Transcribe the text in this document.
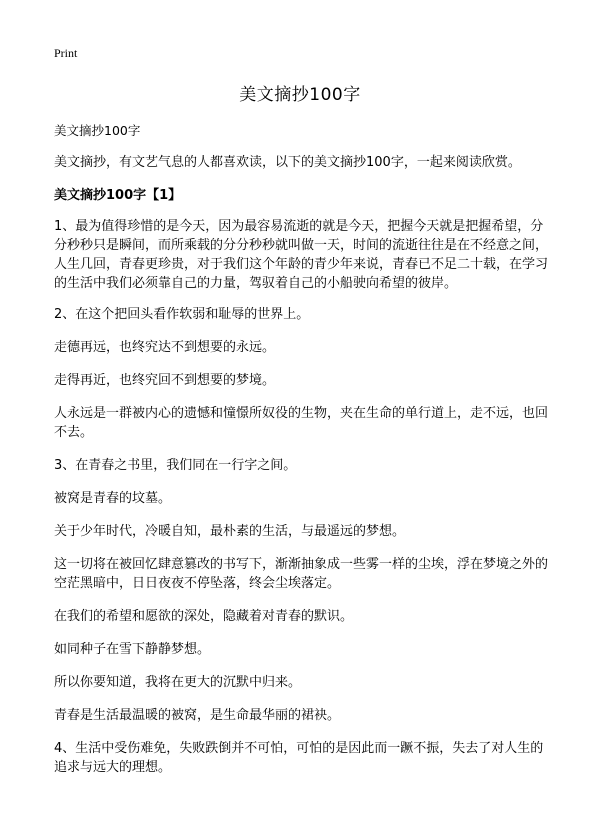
Print
美文摘抄100字

美文摘抄100字

美文摘抄，有文艺气息的人都喜欢读，以下的美文摘抄100字，一起来阅读欣赏。

美文摘抄100字【1】

1、最为值得珍惜的是今天，因为最容易流逝的就是今天，把握今天就是把握希望，分分秒秒只是瞬间，而所乘载的分分秒秒就叫做一天，时间的流逝往往是在不经意之间，人生几回，青春更珍贵，对于我们这个年龄的青少年来说，青春已不足二十载，在学习的生活中我们必须靠自己的力量，驾驭着自己的小船驶向希望的彼岸。

2、在这个把回头看作软弱和耻辱的世界上。

走德再远，也终究达不到想要的永远。

走得再近，也终究回不到想要的梦境。

人永远是一群被内心的遗憾和憧憬所奴役的生物，夹在生命的单行道上，走不远，也回不去。

3、在青春之书里，我们同在一行字之间。

被窝是青春的坟墓。

关于少年时代，冷暖自知，最朴素的生活，与最遥远的梦想。

这一切将在被回忆肆意篡改的书写下，渐渐抽象成一些雾一样的尘埃，浮在梦境之外的空茫黑暗中，日日夜夜不停坠落，终会尘埃落定。

在我们的希望和愿欲的深处，隐藏着对青春的默识。

如同种子在雪下静静梦想。

所以你要知道，我将在更大的沉默中归来。

青春是生活最温暖的被窝，是生命最华丽的裙袂。

4、生活中受伤难免，失败跌倒并不可怕，可怕的是因此而一蹶不振，失去了对人生的追求与远大的理想。
